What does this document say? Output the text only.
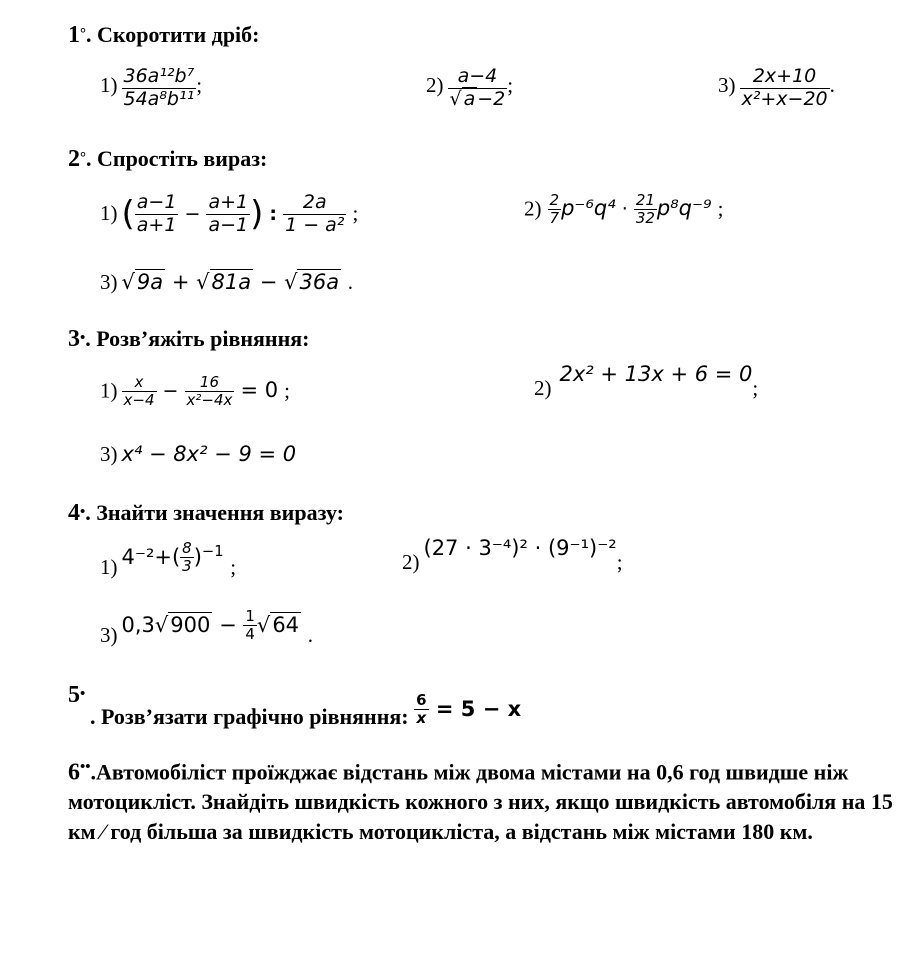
1°. Скоротити дріб:
$1) \frac{\text{36a¹²b⁷}}{\text{54a⁸b¹¹}}$ ;	$2) \frac{a-4}{√ a -2}$ ;	$3) \frac{2x+10}{\text{x²+x−20}}$ .
2°. Спростіть вираз:
1) ( $\frac{a-1}{a+1} - \frac{a+1}{a-1}$ ) : $\frac{2a}{\text{1 − a²}}$ ;	$2) \frac{2}{7} p^{-6}q^4 \cdot \frac{21}{32} p^8q^{-9}$ ;
3) √9a + √81a − √36a .
3•. Розв’яжіть рівняння:
$1) \frac{x}{x-4} - \frac{16}{\text{x²−4x}} = 0$ ;	2) 2x² + 13x + 6 = 0;
3) x⁴ − 8x² − 9 = 0
4•. Знайти значення виразу:
1) $4^{-2}+( \frac{8}{3} )^{-1}$ ;	2) (27 · 3⁻⁴)² · (9⁻¹)⁻²;
3) $0,3√900 - \frac{1}{4} √64$ .
5•
. Розв’язати графічно рівняння: $\frac{6}{x} = 5 - x$
6••.Автомобіліст проїжджає відстань між двома містами на 0,6 год швидше ніж мотоцикліст. Знайдіть швидкість кожного з них, якщо швидкість автомобіля на 15 км ⁄ год більша за швидкість мотоцикліста, а відстань між містами 180 км.
